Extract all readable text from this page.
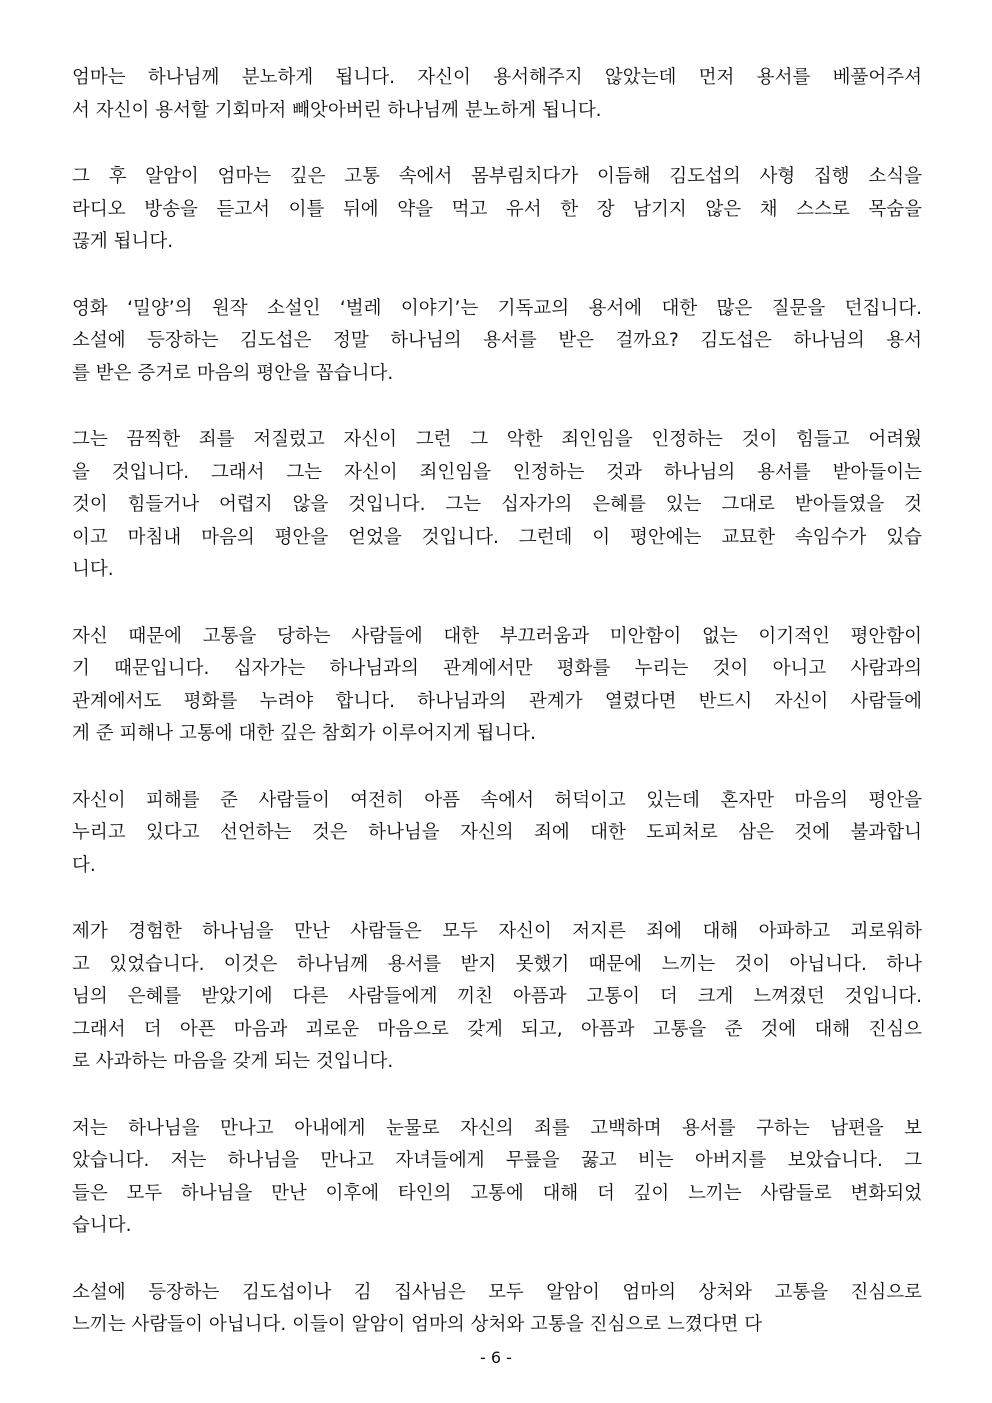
엄마는 하나님께 분노하게 됩니다. 자신이 용서해주지 않았는데 먼저 용서를 베풀어주셔
서 자신이 용서할 기회마저 빼앗아버린 하나님께 분노하게 됩니다.
그 후 알암이 엄마는 깊은 고통 속에서 몸부림치다가 이듬해 김도섭의 사형 집행 소식을
라디오 방송을 듣고서 이틀 뒤에 약을 먹고 유서 한 장 남기지 않은 채 스스로 목숨을
끊게 됩니다.
영화 ‘밀양’의 원작 소설인 ‘벌레 이야기’는 기독교의 용서에 대한 많은 질문을 던집니다.
소설에 등장하는 김도섭은 정말 하나님의 용서를 받은 걸까요? 김도섭은 하나님의 용서
를 받은 증거로 마음의 평안을 꼽습니다.
그는 끔찍한 죄를 저질렀고 자신이 그런 그 악한 죄인임을 인정하는 것이 힘들고 어려웠
을 것입니다. 그래서 그는 자신이 죄인임을 인정하는 것과 하나님의 용서를 받아들이는
것이 힘들거나 어렵지 않을 것입니다. 그는 십자가의 은혜를 있는 그대로 받아들였을 것
이고 마침내 마음의 평안을 얻었을 것입니다. 그런데 이 평안에는 교묘한 속임수가 있습
니다.
자신 때문에 고통을 당하는 사람들에 대한 부끄러움과 미안함이 없는 이기적인 평안함이
기 때문입니다. 십자가는 하나님과의 관계에서만 평화를 누리는 것이 아니고 사람과의
관계에서도 평화를 누려야 합니다. 하나님과의 관계가 열렸다면 반드시 자신이 사람들에
게 준 피해나 고통에 대한 깊은 참회가 이루어지게 됩니다.
자신이 피해를 준 사람들이 여전히 아픔 속에서 허덕이고 있는데 혼자만 마음의 평안을
누리고 있다고 선언하는 것은 하나님을 자신의 죄에 대한 도피처로 삼은 것에 불과합니
다.
제가 경험한 하나님을 만난 사람들은 모두 자신이 저지른 죄에 대해 아파하고 괴로워하
고 있었습니다. 이것은 하나님께 용서를 받지 못했기 때문에 느끼는 것이 아닙니다. 하나
님의 은혜를 받았기에 다른 사람들에게 끼친 아픔과 고통이 더 크게 느껴졌던 것입니다.
그래서 더 아픈 마음과 괴로운 마음으로 갖게 되고, 아픔과 고통을 준 것에 대해 진심으
로 사과하는 마음을 갖게 되는 것입니다.
저는 하나님을 만나고 아내에게 눈물로 자신의 죄를 고백하며 용서를 구하는 남편을 보
았습니다. 저는 하나님을 만나고 자녀들에게 무릎을 꿇고 비는 아버지를 보았습니다. 그
들은 모두 하나님을 만난 이후에 타인의 고통에 대해 더 깊이 느끼는 사람들로 변화되었
습니다.
소설에 등장하는 김도섭이나 김 집사님은 모두 알암이 엄마의 상처와 고통을 진심으로
느끼는 사람들이 아닙니다. 이들이 알암이 엄마의 상처와 고통을 진심으로 느꼈다면 다
- 6 -
